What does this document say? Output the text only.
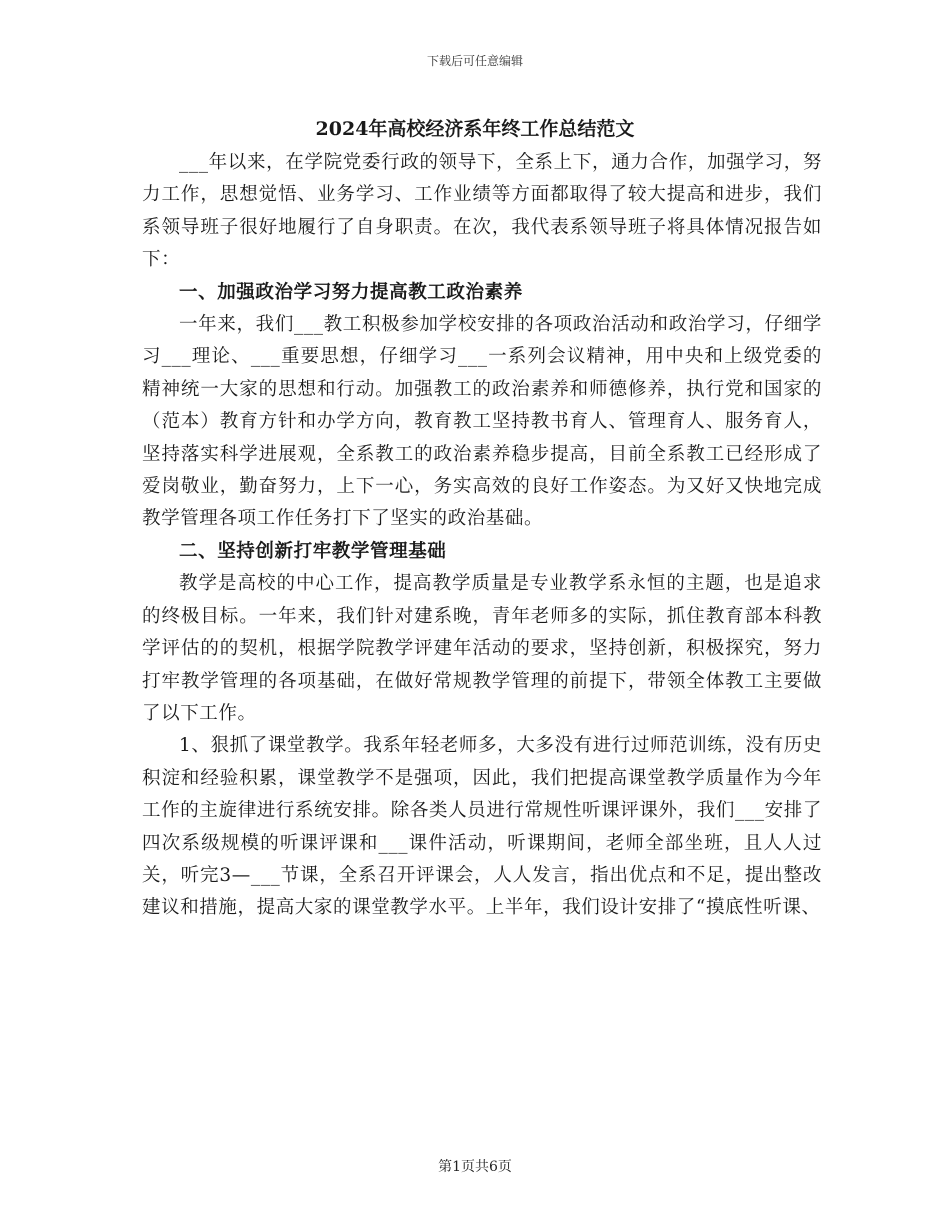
下载后可任意编辑
2024年高校经济系年终工作总结范文

___年以来，在学院党委行政的领导下，全系上下，通力合作，加强学习，努力工作，思想觉悟、业务学习、工作业绩等方面都取得了较大提高和进步，我们系领导班子很好地履行了自身职责。在次，我代表系领导班子将具体情况报告如下：

一、加强政治学习努力提高教工政治素养

一年来，我们___教工积极参加学校安排的各项政治活动和政治学习，仔细学习___理论、___重要思想，仔细学习___一系列会议精神，用中央和上级党委的精神统一大家的思想和行动。加强教工的政治素养和师德修养，执行党和国家的（范本）教育方针和办学方向，教育教工坚持教书育人、管理育人、服务育人，坚持落实科学进展观，全系教工的政治素养稳步提高，目前全系教工已经形成了爱岗敬业，勤奋努力，上下一心，务实高效的良好工作姿态。为又好又快地完成教学管理各项工作任务打下了坚实的政治基础。

二、坚持创新打牢教学管理基础

教学是高校的中心工作，提高教学质量是专业教学系永恒的主题，也是追求的终极目标。一年来，我们针对建系晚，青年老师多的实际，抓住教育部本科教学评估的的契机，根据学院教学评建年活动的要求，坚持创新，积极探究，努力打牢教学管理的各项基础，在做好常规教学管理的前提下，带领全体教工主要做了以下工作。

1、狠抓了课堂教学。我系年轻老师多，大多没有进行过师范训练，没有历史积淀和经验积累，课堂教学不是强项，因此，我们把提高课堂教学质量作为今年工作的主旋律进行系统安排。除各类人员进行常规性听课评课外，我们___安排了四次系级规模的听课评课和___课件活动，听课期间，老师全部坐班，且人人过关，听完3—___节课，全系召开评课会，人人发言，指出优点和不足，提出整改建议和措施，提高大家的课堂教学水平。上半年，我们设计安排了“摸底性听课、

第1页共6页
